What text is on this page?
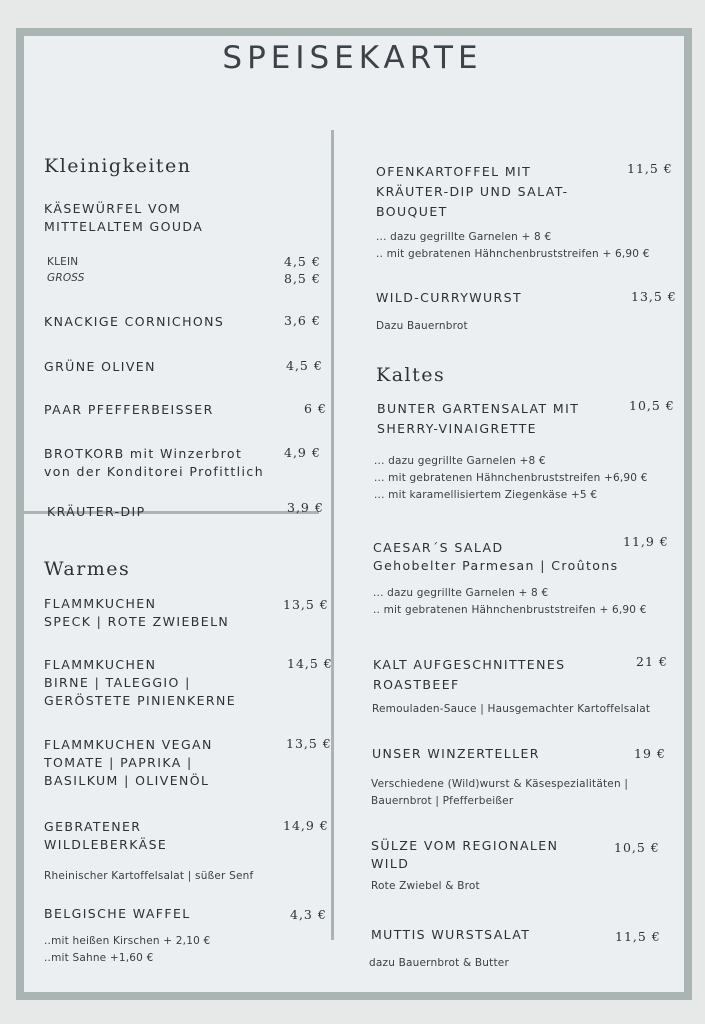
SPEISEKARTE
Kleinigkeiten
KÄSEWÜRFEL VOM
MITTELALTEM GOUDA
KLEIN
GROSS
4,5 €
8,5 €
KNACKIGE CORNICHONS	3,6 €
GRÜNE OLIVEN	4,5 €
PAAR PFEFFERBEISSER	6 €
BROTKORB mit Winzerbrot
von der Konditorei Profittlich
4,9 €
KRÄUTER-DIP	3,9 €
Warmes
FLAMMKUCHEN
SPECK | ROTE ZWIEBELN
13,5 €
FLAMMKUCHEN
BIRNE | TALEGGIO |
GERÖSTETE PINIENKERNE
14,5 €
FLAMMKUCHEN VEGAN
TOMATE | PAPRIKA |
BASILKUM | OLIVENÖL
13,5 €
GEBRATENER
WILDLEBERKÄSE
14,9 €
Rheinischer Kartoffelsalat | süßer Senf
BELGISCHE WAFFEL	4,3 €
..mit heißen Kirschen + 2,10 €
..mit Sahne +1,60 €
OFENKARTOFFEL MIT
KRÄUTER-DIP UND SALAT-
BOUQUET
11,5 €
... dazu gegrillte Garnelen + 8 €
.. mit gebratenen Hähnchenbruststreifen + 6,90 €
WILD-CURRYWURST	13,5 €
Dazu Bauernbrot
Kaltes
BUNTER GARTENSALAT MIT
SHERRY-VINAIGRETTE
10,5 €
... dazu gegrillte Garnelen +8 €
... mit gebratenen Hähnchenbruststreifen +6,90 €
... mit karamellisiertem Ziegenkäse +5 €
CAESAR´S SALAD
Gehobelter Parmesan | Croûtons
11,9 €
... dazu gegrillte Garnelen + 8 €
.. mit gebratenen Hähnchenbruststreifen + 6,90 €
KALT AUFGESCHNITTENES
ROASTBEEF
21 €
Remouladen-Sauce | Hausgemachter Kartoffelsalat
UNSER WINZERTELLER	19 €
Verschiedene (Wild)wurst & Käsespezialitäten |
Bauernbrot | Pfefferbeißer
SÜLZE VOM REGIONALEN
WILD
10,5 €
Rote Zwiebel & Brot
MUTTIS WURSTSALAT	11,5 €
dazu Bauernbrot & Butter
